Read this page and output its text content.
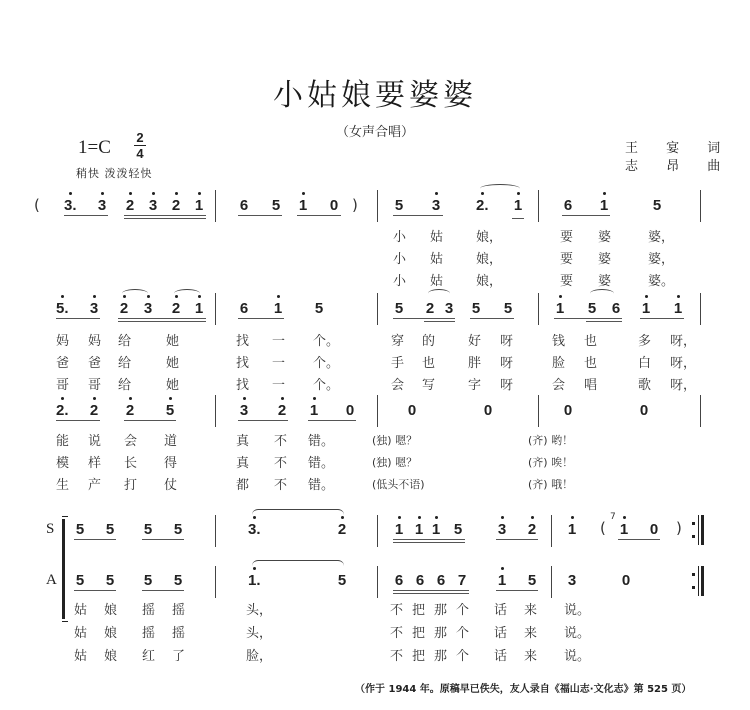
小姑娘要婆婆
（女声合唱）
1=C 2
4
稍快 泼泼轻快
王 宴 词
志 昂 曲
( 3. 3 2 3 2 1 6 5 1 0 ) 5 3 2. 1	6 1	5
小 姑	娘，	要 婆	婆，
小 姑	娘，	要 婆	婆，
小 姑	娘，	要 婆	婆。
5. 3 2 3 2 1 6 1 5	5 2 3 5 5	1 5 6 1 1
妈 妈 给	她	找 一 个。	穿 的	好 呀	钱 也	多 呀，
爸 爸 给	她	找 一 个。	手 也	胖 呀	脸 也	白 呀，
哥 哥 给	她	找 一 个。	会 写	字 呀	会 唱	歌 呀，
2. 2 2 5	3 2 1 0	0	0	0	0
能 说 会 道	真 不 错。	(独) 嗯？	(齐) 哟！
模 样 长 得	真 不 错。	(独) 嗯？	(齐) 唉！
生 产 打 仗	都 不 错。	(低头不语)	(齐) 哦！
S
A
5 5 5 5	3.	2	1 1 1 5 3 2 1 (
7
1 0 )
5 5 5 5	1.	5	6 6 6 7 1 5 3	0
姑 娘 摇 摇	头，	不 把 那 个 话 来 说。
姑 娘 摇 摇	头，	不 把 那 个 话 来 说。
姑 娘 红 了	脸，	不 把 那 个 话 来 说。
（作于 1944 年。原稿早已佚失，友人录自《福山志·文化志》第 525 页）
